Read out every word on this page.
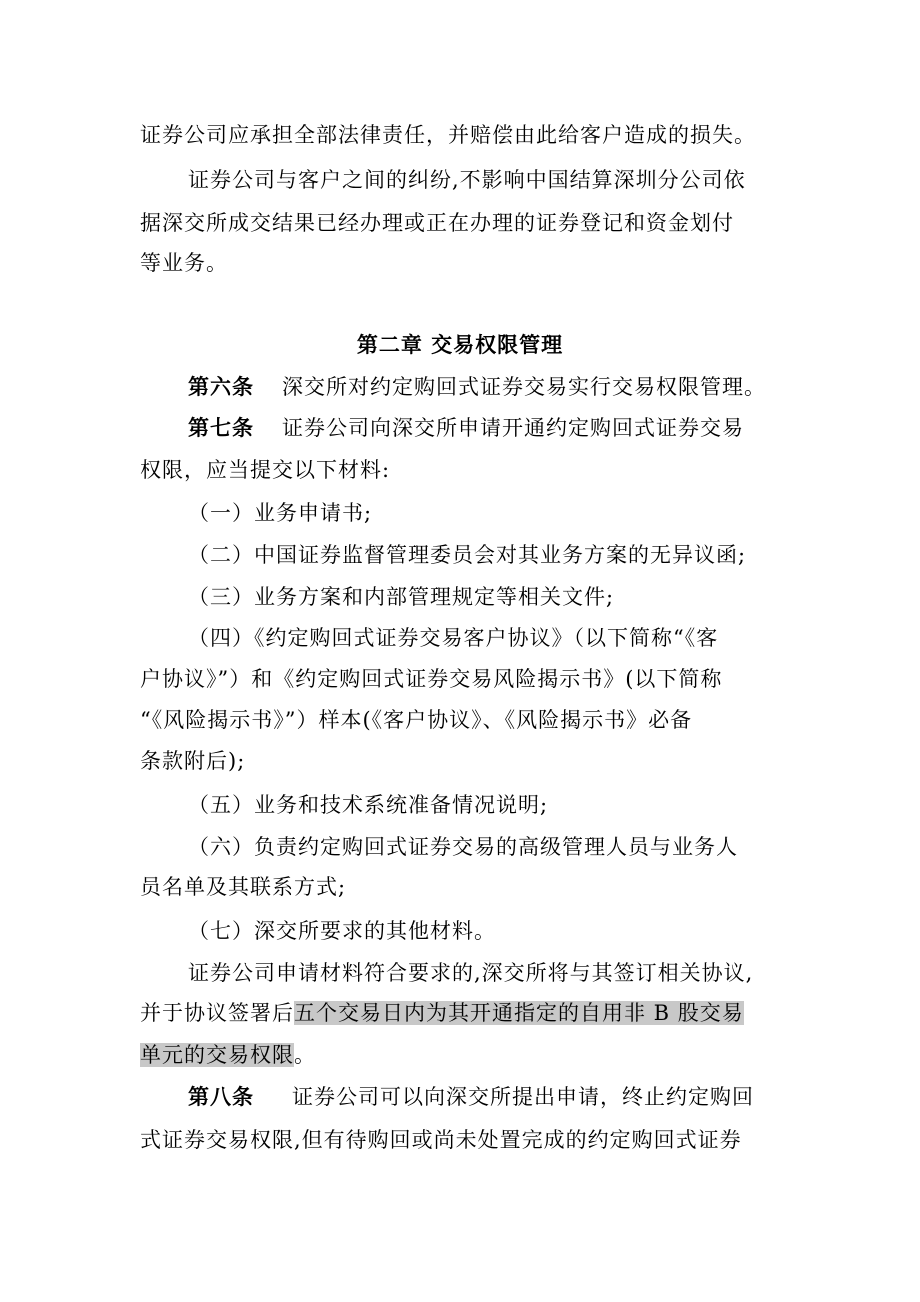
证券公司应承担全部法律责任，并赔偿由此给客户造成的损失。
证券公司与客户之间的纠纷,不影响中国结算深圳分公司依
据深交所成交结果已经办理或正在办理的证券登记和资金划付
等业务。
第二章 交易权限管理
第六条 深交所对约定购回式证券交易实行交易权限管理。
第七条 证券公司向深交所申请开通约定购回式证券交易
权限，应当提交以下材料:
（一）业务申请书;
（二）中国证券监督管理委员会对其业务方案的无异议函;
（三）业务方案和内部管理规定等相关文件;
（四）《约定购回式证券交易客户协议》（以下简称“《客
户协议》”）和《约定购回式证券交易风险揭示书》(以下简称
“《风险揭示书》”）样本(《客户协议》、《风险揭示书》必备
条款附后);
（五）业务和技术系统准备情况说明;
（六）负责约定购回式证券交易的高级管理人员与业务人
员名单及其联系方式;
（七）深交所要求的其他材料。
证券公司申请材料符合要求的,深交所将与其签订相关协议,
并于协议签署后五个交易日内为其开通指定的自用非 B 股交易
单元的交易权限。
第八条 证券公司可以向深交所提出申请，终止约定购回
式证券交易权限,但有待购回或尚未处置完成的约定购回式证券
